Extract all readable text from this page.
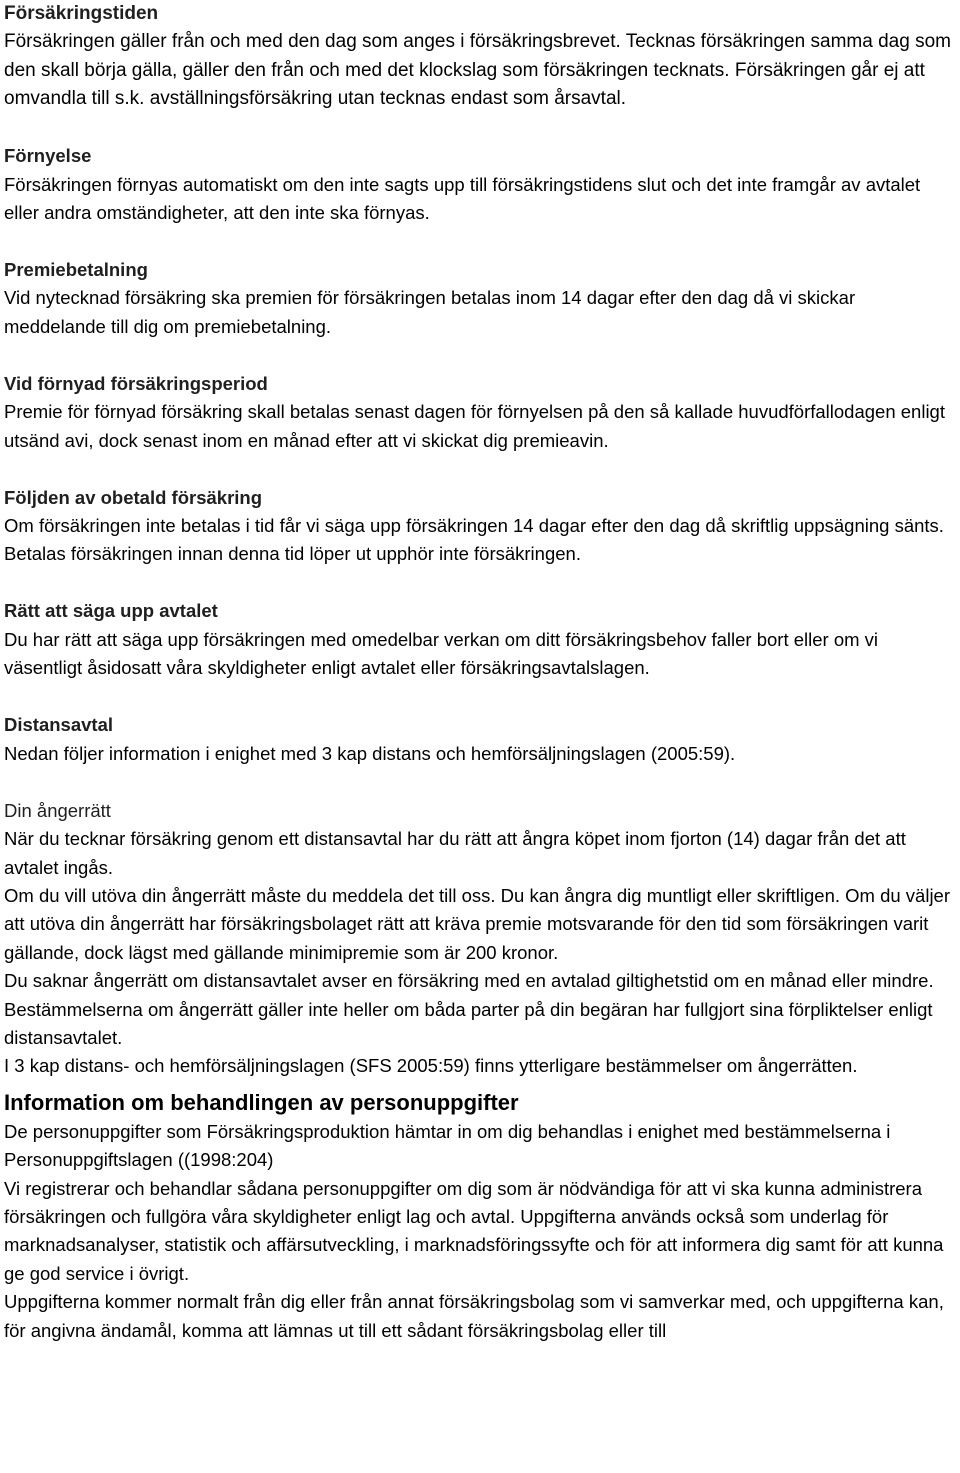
Försäkringstiden

Försäkringen gäller från och med den dag som anges i försäkringsbrevet. Tecknas försäkringen samma dag som den skall börja gälla, gäller den från och med det klockslag som försäkringen tecknats. Försäkringen går ej att omvandla till s.k. avställningsförsäkring utan tecknas endast som årsavtal.

Förnyelse

Försäkringen förnyas automatiskt om den inte sagts upp till försäkringstidens slut och det inte framgår av avtalet eller andra omständigheter, att den inte ska förnyas.

Premiebetalning

Vid nytecknad försäkring ska premien för försäkringen betalas inom 14 dagar efter den dag då vi skickar meddelande till dig om premiebetalning.

Vid förnyad försäkringsperiod

Premie för förnyad försäkring skall betalas senast dagen för förnyelsen på den så kallade huvudförfallodagen enligt utsänd avi, dock senast inom en månad efter att vi skickat dig premieavin.

Följden av obetald försäkring

Om försäkringen inte betalas i tid får vi säga upp försäkringen 14 dagar efter den dag då skriftlig uppsägning sänts. Betalas försäkringen innan denna tid löper ut upphör inte försäkringen.

Rätt att säga upp avtalet

Du har rätt att säga upp försäkringen med omedelbar verkan om ditt försäkringsbehov faller bort eller om vi väsentligt åsidosatt våra skyldigheter enligt avtalet eller försäkringsavtalslagen.

Distansavtal

Nedan följer information i enighet med 3 kap distans och hemförsäljningslagen (2005:59).

Din ångerrätt

När du tecknar försäkring genom ett distansavtal har du rätt att ångra köpet inom fjorton (14) dagar från det att avtalet ingås.

Om du vill utöva din ångerrätt måste du meddela det till oss. Du kan ångra dig muntligt eller skriftligen. Om du väljer att utöva din ångerrätt har försäkringsbolaget rätt att kräva premie motsvarande för den tid som försäkringen varit gällande, dock lägst med gällande minimipremie som är 200 kronor.

Du saknar ångerrätt om distansavtalet avser en försäkring med en avtalad giltighetstid om en månad eller mindre.

Bestämmelserna om ångerrätt gäller inte heller om båda parter på din begäran har fullgjort sina förpliktelser enligt distansavtalet.

I 3 kap distans- och hemförsäljningslagen (SFS 2005:59) finns ytterligare bestämmelser om ångerrätten.

Information om behandlingen av personuppgifter

De personuppgifter som Försäkringsproduktion hämtar in om dig behandlas i enighet med bestämmelserna i Personuppgiftslagen ((1998:204)

Vi registrerar och behandlar sådana personuppgifter om dig som är nödvändiga för att vi ska kunna administrera försäkringen och fullgöra våra skyldigheter enligt lag och avtal. Uppgifterna används också som underlag för marknadsanalyser, statistik och affärsutveckling, i marknadsföringssyfte och för att informera dig samt för att kunna ge god service i övrigt.

Uppgifterna kommer normalt från dig eller från annat försäkringsbolag som vi samverkar med, och uppgifterna kan, för angivna ändamål, komma att lämnas ut till ett sådant försäkringsbolag eller till
